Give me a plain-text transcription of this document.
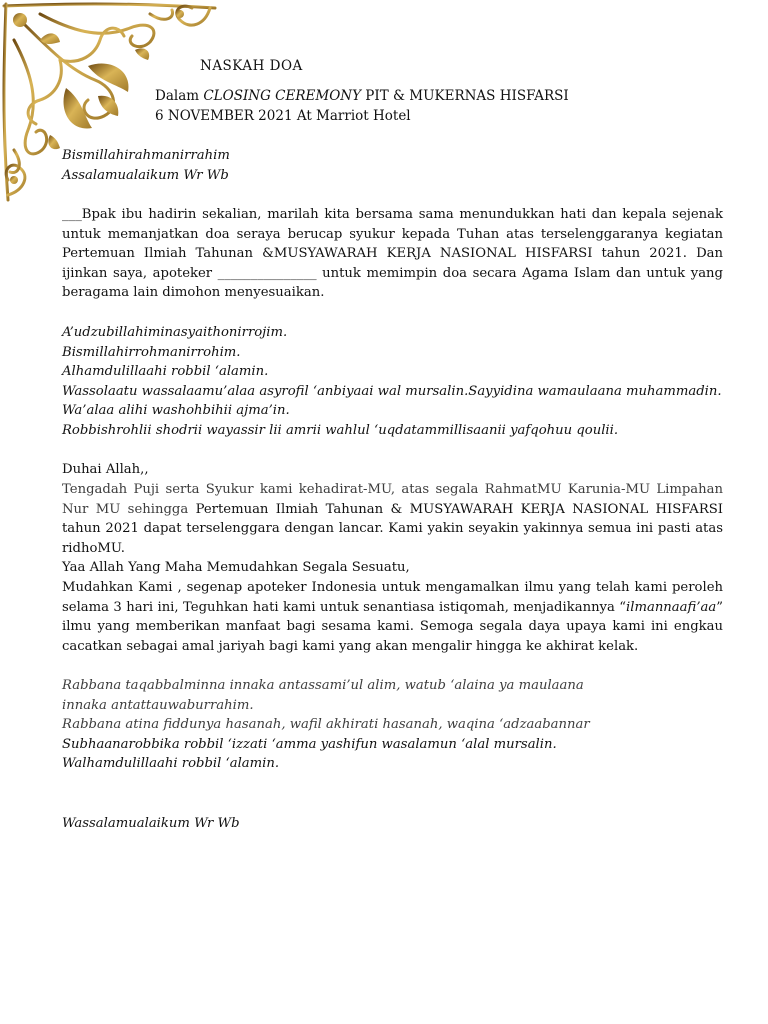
NASKAH DOA
Dalam CLOSING CEREMONY PIT & MUKERNAS HISFARSI
6 NOVEMBER 2021 At Marriot Hotel
Bismillahirahmanirrahim
Assalamualaikum Wr Wb

___Bpak ibu hadirin sekalian, marilah kita bersama sama menundukkan hati dan kepala sejenak untuk memanjatkan doa seraya berucap syukur kepada Tuhan atas terselenggaranya kegiatan Pertemuan Ilmiah Tahunan &MUSYAWARAH KERJA NASIONAL HISFARSI tahun 2021. Dan ijinkan saya, apoteker _______________ untuk memimpin doa secara Agama Islam dan untuk yang beragama lain dimohon menyesuaikan.

A’udzubillahiminasyaithonirrojim.
Bismillahirrohmanirrohim.
Alhamdulillaahi robbil ‘alamin.
Wassolaatu wassalaamu’alaa asyrofil ‘anbiyaai wal mursalin.Sayyidina wamaulaana muhammadin.
Wa’alaa alihi washohbihii ajma’in.
Robbishrohlii shodrii wayassir lii amrii wahlul ‘uqdatammillisaanii yafqohuu qoulii.
Duhai Allah,,

Tengadah Puji serta Syukur kami kehadirat-MU, atas segala RahmatMU Karunia-MU Limpahan Nur MU sehingga Pertemuan Ilmiah Tahunan & MUSYAWARAH KERJA NASIONAL HISFARSI tahun 2021 dapat terselenggara dengan lancar. Kami yakin seyakin yakinnya semua ini pasti atas ridhoMU.

Yaa Allah Yang Maha Memudahkan Segala Sesuatu,

Mudahkan Kami , segenap apoteker Indonesia untuk mengamalkan ilmu yang telah kami peroleh selama 3 hari ini, Teguhkan hati kami untuk senantiasa istiqomah, menjadikannya “ilmannaafi’aa” ilmu yang memberikan manfaat bagi sesama kami. Semoga segala daya upaya kami ini engkau cacatkan sebagai amal jariyah bagi kami yang akan mengalir hingga ke akhirat kelak.

Rabbana taqabbalminna innaka antassami’ul alim, watub ‘alaina ya maulaana
innaka antattauwaburrahim.
Rabbana atina fiddunya hasanah, wafil akhirati hasanah, waqina ‘adzaabannar
Subhaanarobbika robbil ‘izzati ‘amma yashifun wasalamun ‘alal mursalin.
Walhamdulillaahi robbil ‘alamin.
Wassalamualaikum Wr Wb
